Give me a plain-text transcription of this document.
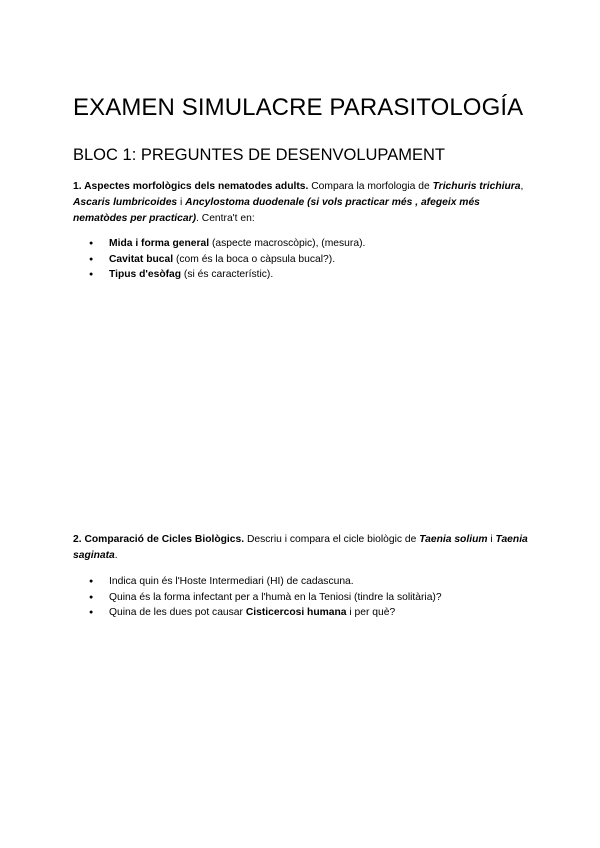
EXAMEN SIMULACRE PARASITOLOGÍA
BLOC 1: PREGUNTES DE DESENVOLUPAMENT

1. Aspectes morfològics dels nematodes adults. Compara la morfologia de Trichuris trichiura, Ascaris lumbricoides i Ancylostoma duodenale (si vols practicar més , afegeix més nematòdes per practicar). Centra't en:

● Mida i forma general (aspecte macroscòpic), (mesura).
● Cavitat bucal (com és la boca o càpsula bucal?).
● Tipus d'esòfag (si és característic).

2. Comparació de Cicles Biològics. Descriu i compara el cicle biològic de Taenia solium i Taenia saginata.

● Indica quin és l'Hoste Intermediari (HI) de cadascuna.
● Quina és la forma infectant per a l'humà en la Teniosi (tindre la solitària)?
● Quina de les dues pot causar Cisticercosi humana i per què?
